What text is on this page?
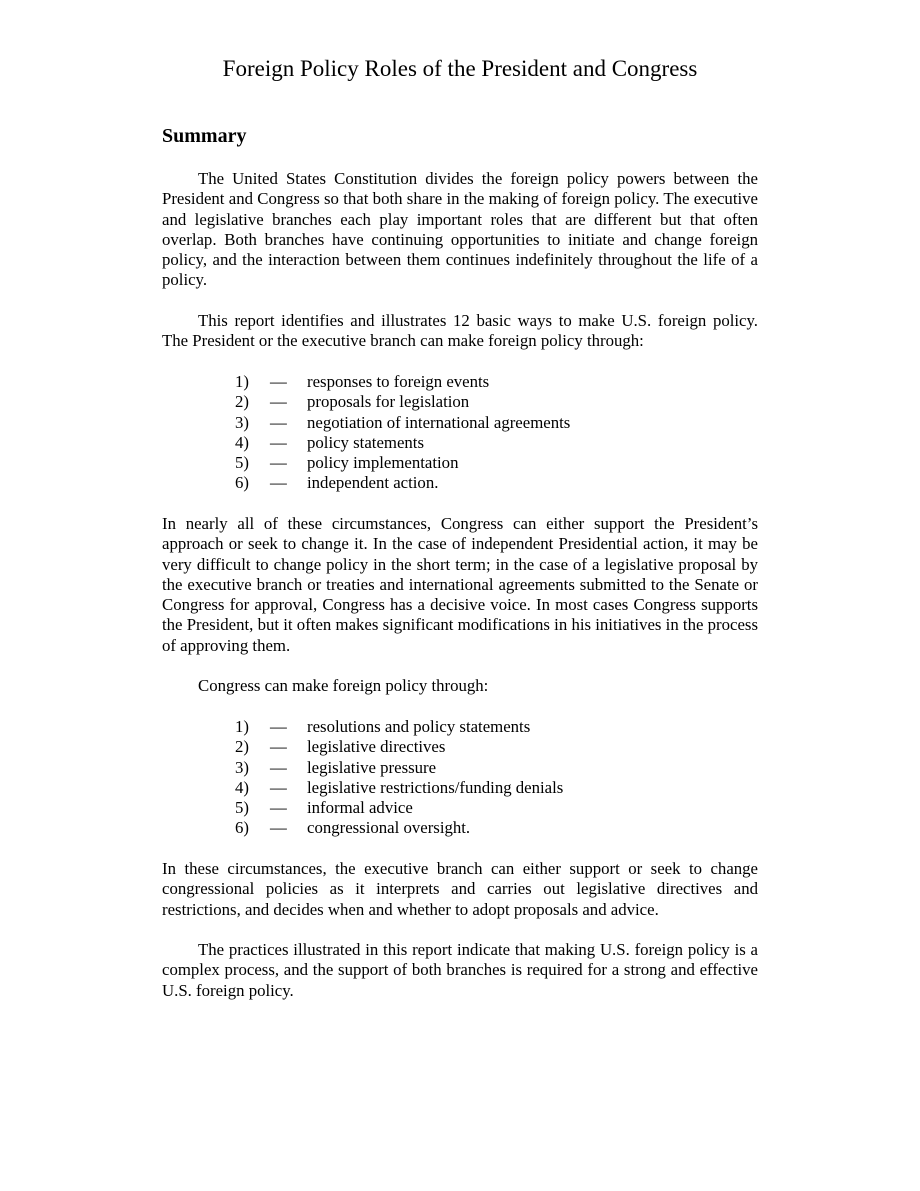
Foreign Policy Roles of the President and Congress
Summary

The United States Constitution divides the foreign policy powers between the President and Congress so that both share in the making of foreign policy. The executive and legislative branches each play important roles that are different but that often overlap. Both branches have continuing opportunities to initiate and change foreign policy, and the interaction between them continues indefinitely throughout the life of a policy.

This report identifies and illustrates 12 basic ways to make U.S. foreign policy. The President or the executive branch can make foreign policy through:

1) — responses to foreign events
2) — proposals for legislation
3) — negotiation of international agreements
4) — policy statements
5) — policy implementation
6) — independent action.

In nearly all of these circumstances, Congress can either support the President’s approach or seek to change it. In the case of independent Presidential action, it may be very difficult to change policy in the short term; in the case of a legislative proposal by the executive branch or treaties and international agreements submitted to the Senate or Congress for approval, Congress has a decisive voice. In most cases Congress supports the President, but it often makes significant modifications in his initiatives in the process of approving them.

Congress can make foreign policy through:

1) — resolutions and policy statements
2) — legislative directives
3) — legislative pressure
4) — legislative restrictions/funding denials
5) — informal advice
6) — congressional oversight.

In these circumstances, the executive branch can either support or seek to change congressional policies as it interprets and carries out legislative directives and restrictions, and decides when and whether to adopt proposals and advice.

The practices illustrated in this report indicate that making U.S. foreign policy is a complex process, and the support of both branches is required for a strong and effective U.S. foreign policy.
